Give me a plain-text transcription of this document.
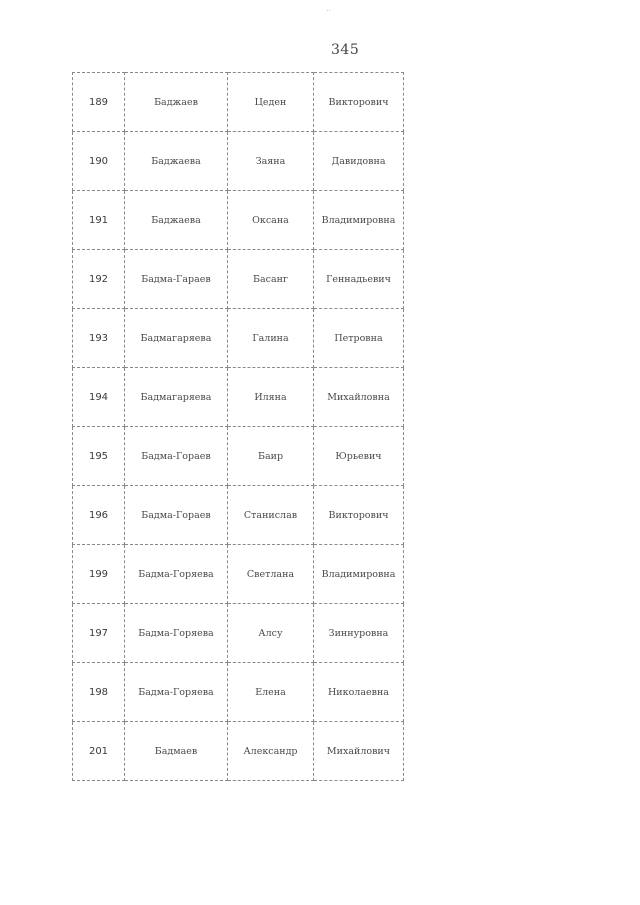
..
345
189	Баджаев	Цеден	Викторович
190	Баджаева	Заяна	Давидовна
191	Баджаева	Оксана	Владимировна
192	Бадма-Гараев	Басанг	Геннадьевич
193	Бадмагаряева	Галина	Петровна
194	Бадмагаряева	Иляна	Михайловна
195	Бадма-Гораев	Баир	Юрьевич
196	Бадма-Гораев	Станислав	Викторович
199	Бадма-Горяева	Светлана	Владимировна
197	Бадма-Горяева	Алсу	Зиннуровна
198	Бадма-Горяева	Елена	Николаевна
201	Бадмаев	Александр	Михайлович
